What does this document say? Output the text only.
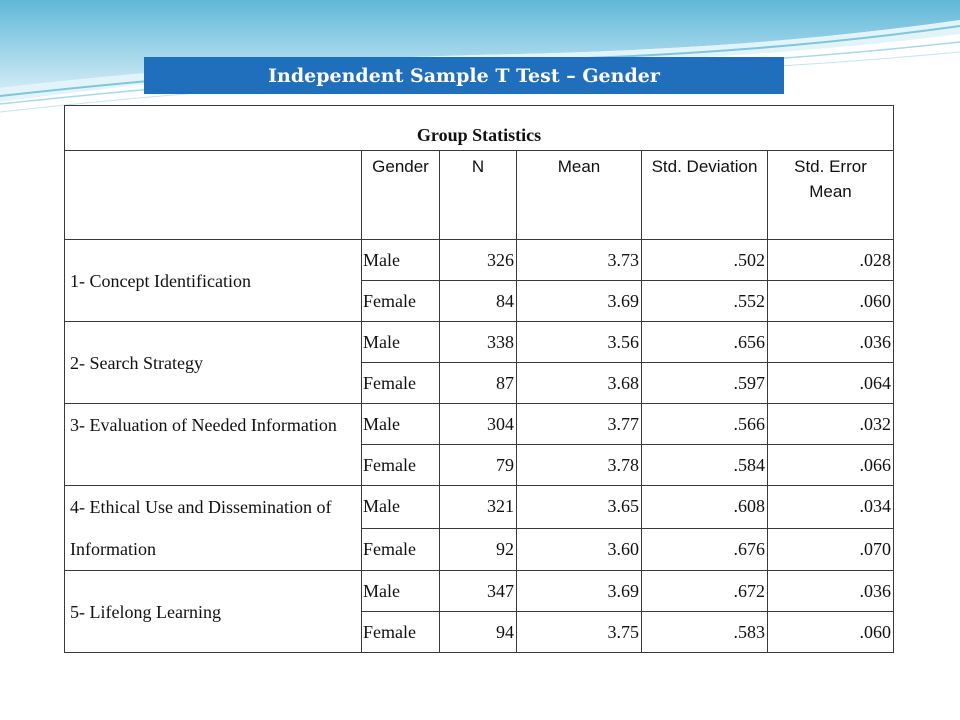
Independent Sample T Test – Gender
Group Statistics					
	Gender	N	Mean	Std. Deviation	Std. Error Mean
1- Concept Identification	Male	326	3.73	.502	.028
	Female	84	3.69	.552	.060
2- Search Strategy	Male	338	3.56	.656	.036
	Female	87	3.68	.597	.064
3- Evaluation of Needed Information	Male	304	3.77	.566	.032
	Female	79	3.78	.584	.066
4- Ethical Use and Dissemination of Information	Male	321	3.65	.608	.034
	Female	92	3.60	.676	.070
5- Lifelong Learning	Male	347	3.69	.672	.036
	Female	94	3.75	.583	.060
